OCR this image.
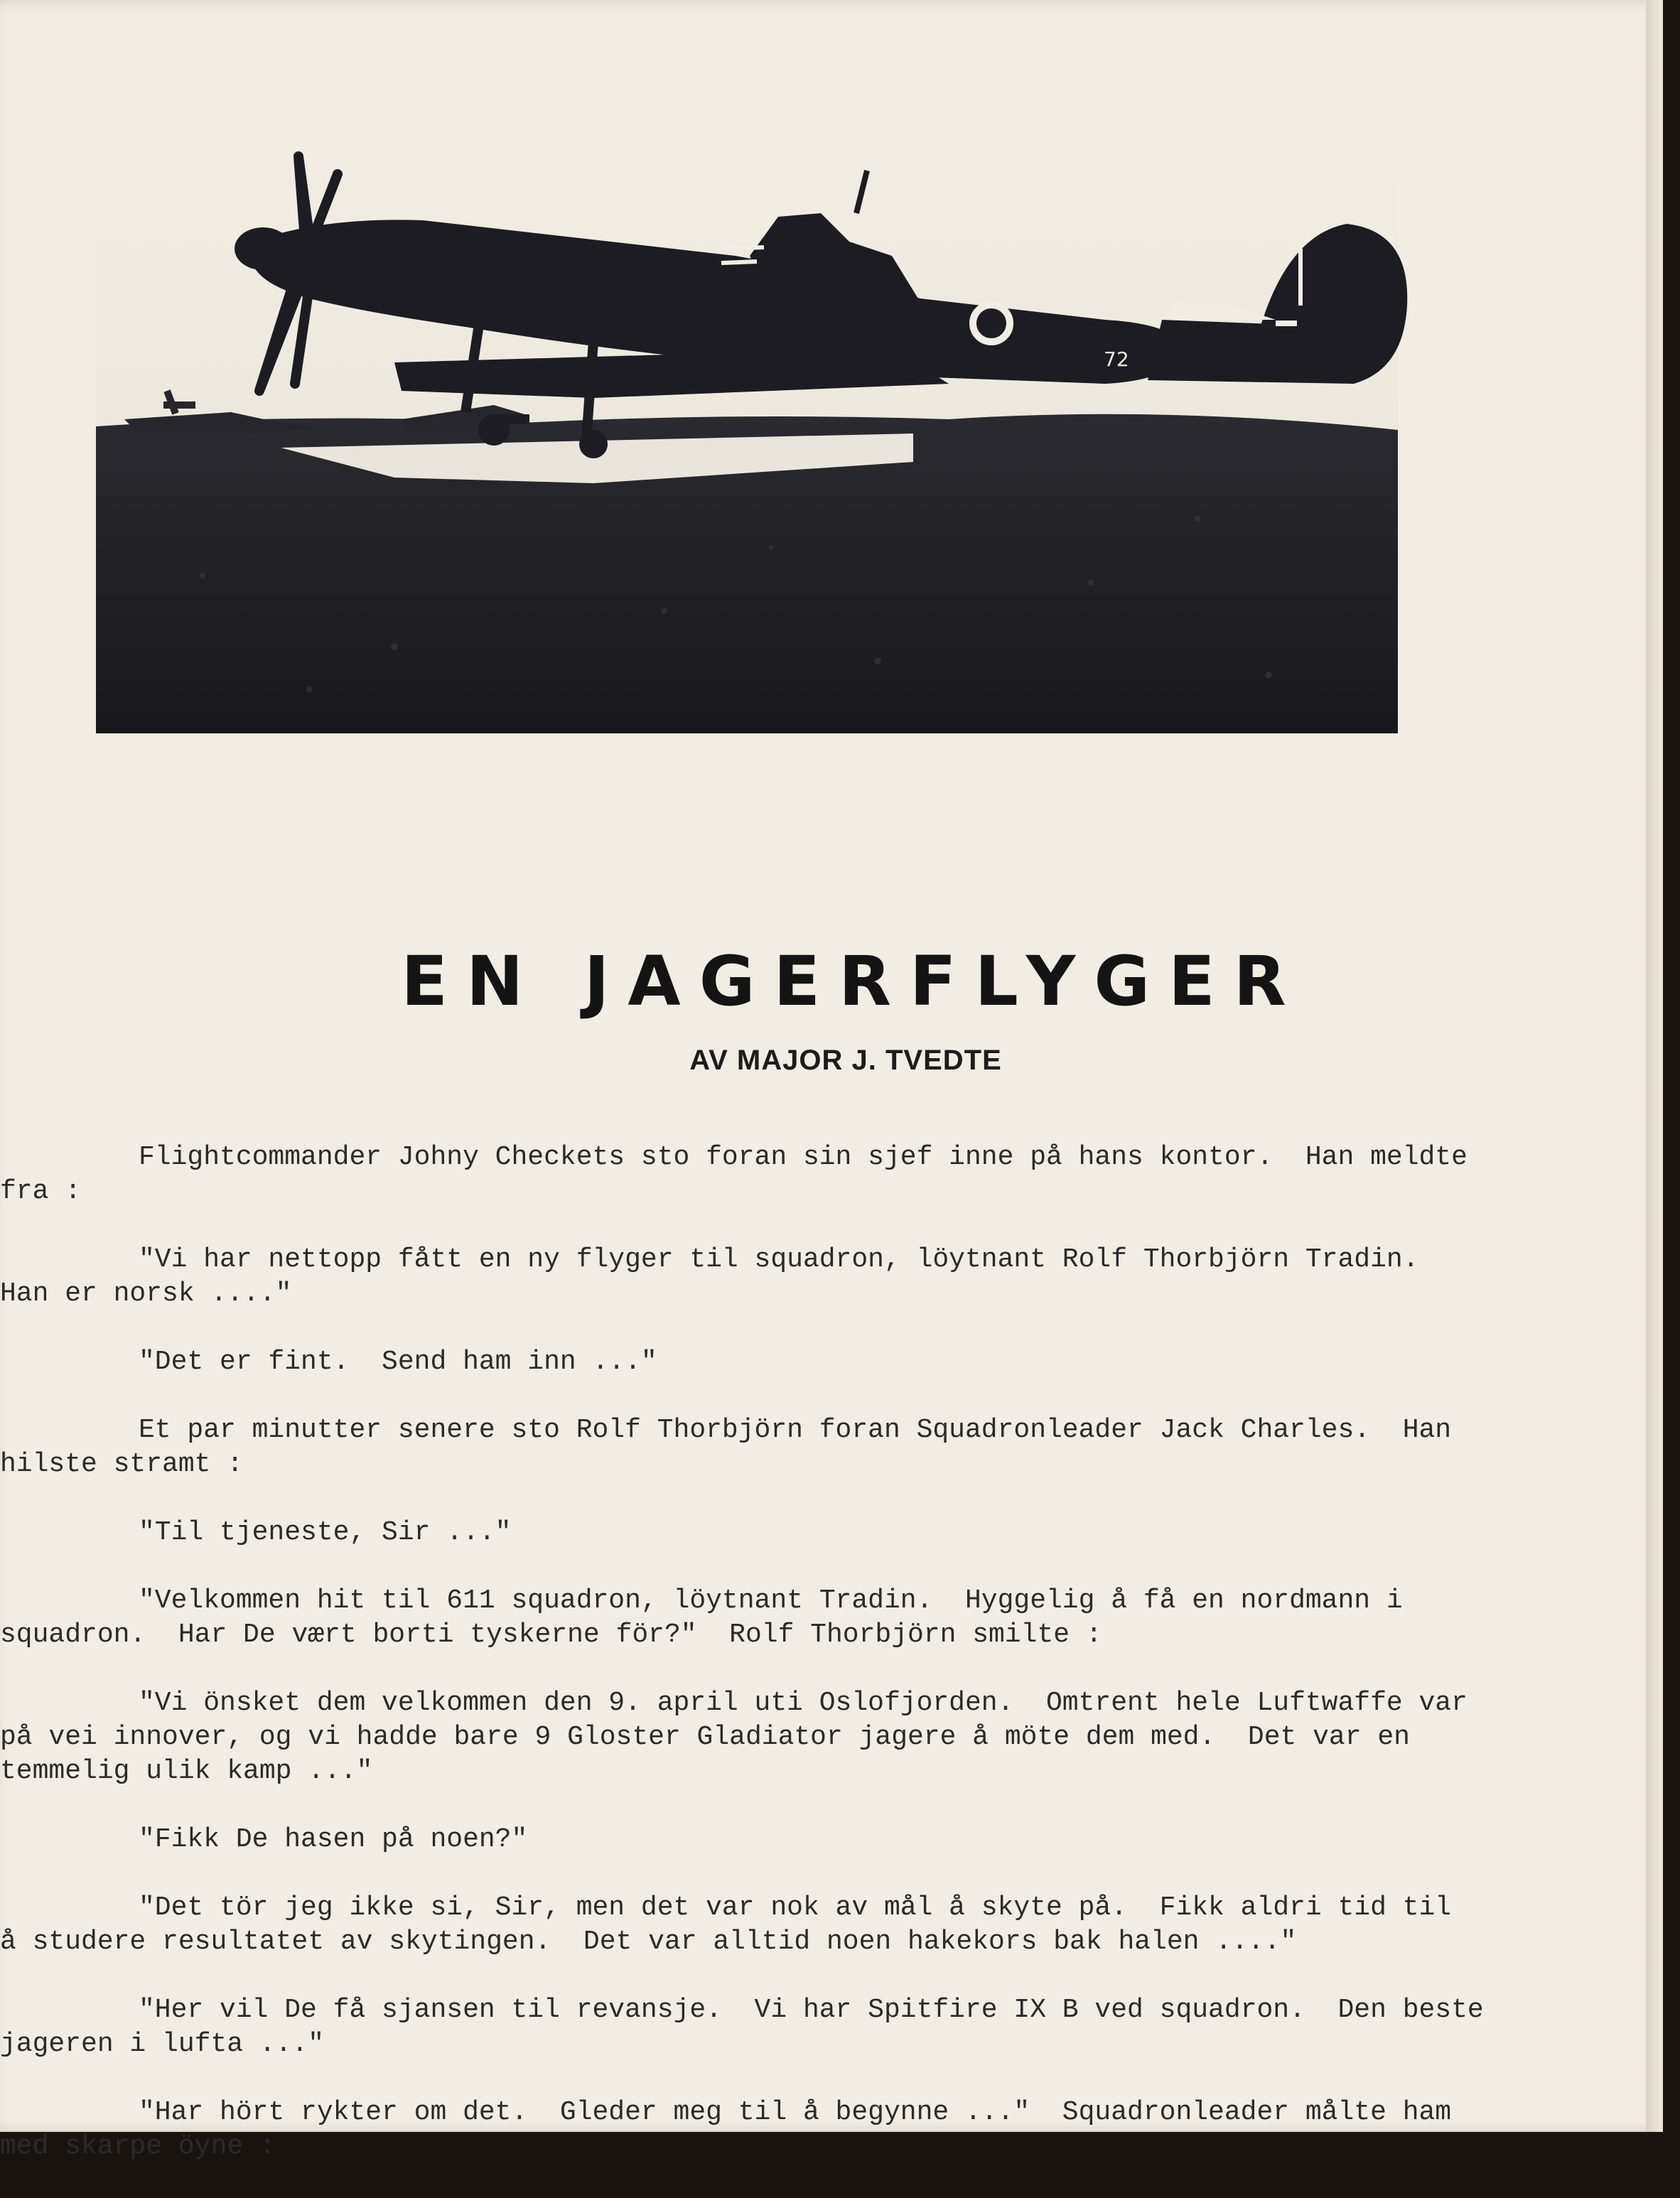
72
EN JAGERFLYGER
AV MAJOR J. TVEDTE
Flightcommander Johny Checkets sto foran sin sjef inne på hans kontor.  Han meldte
fra :
"Vi har nettopp fått en ny flyger til squadron, löytnant Rolf Thorbjörn Tradin.
Han er norsk ...."
"Det er fint.  Send ham inn ..."
Et par minutter senere sto Rolf Thorbjörn foran Squadronleader Jack Charles.  Han
hilste stramt :
"Til tjeneste, Sir ..."
"Velkommen hit til 611 squadron, löytnant Tradin.  Hyggelig å få en nordmann i
squadron.  Har De vært borti tyskerne för?"  Rolf Thorbjörn smilte :
"Vi önsket dem velkommen den 9. april uti Oslofjorden.  Omtrent hele Luftwaffe var
på vei innover, og vi hadde bare 9 Gloster Gladiator jagere å möte dem med.  Det var en
temmelig ulik kamp ..."
"Fikk De hasen på noen?"
"Det tör jeg ikke si, Sir, men det var nok av mål å skyte på.  Fikk aldri tid til
å studere resultatet av skytingen.  Det var alltid noen hakekors bak halen ...."
"Her vil De få sjansen til revansje.  Vi har Spitfire IX B ved squadron.  Den beste
jageren i lufta ..."
"Har hört rykter om det.  Gleder meg til å begynne ..."  Squadronleader målte ham
med skarpe öyne :
